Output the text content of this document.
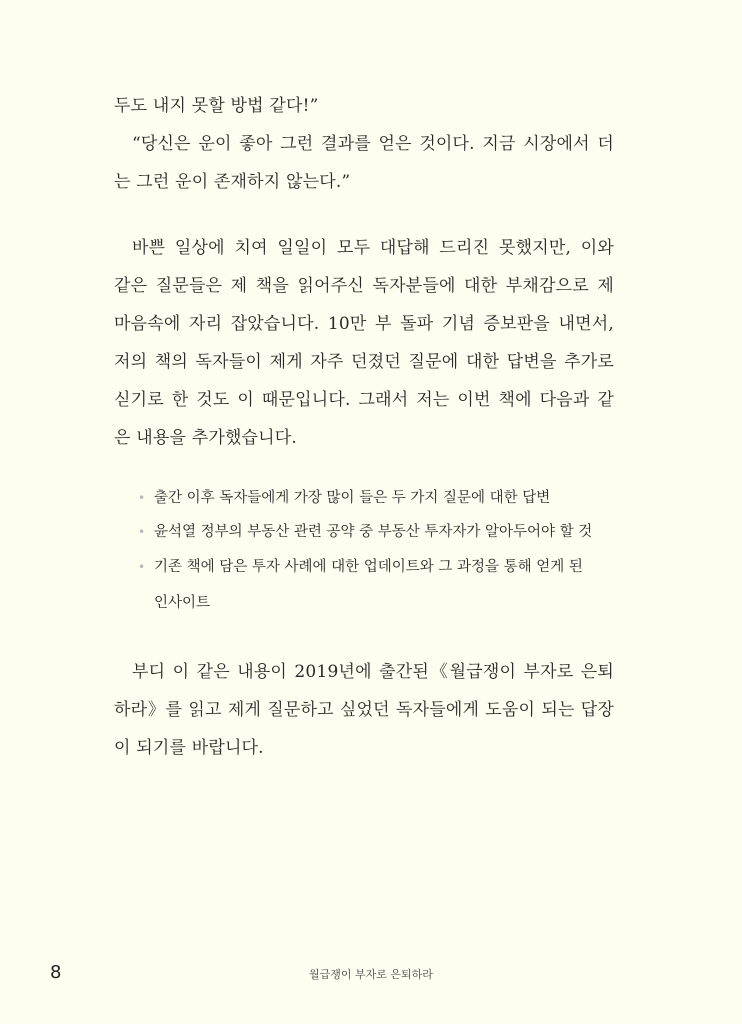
두도 내지 못할 방법 같다!”
“당신은 운이 좋아 그런 결과를 얻은 것이다. 지금 시장에서 더
는 그런 운이 존재하지 않는다.”
바쁜 일상에 치여 일일이 모두 대답해 드리진 못했지만, 이와
같은 질문들은 제 책을 읽어주신 독자분들에 대한 부채감으로 제
마음속에 자리 잡았습니다. 10만 부 돌파 기념 증보판을 내면서,
저의 책의 독자들이 제게 자주 던졌던 질문에 대한 답변을 추가로
싣기로 한 것도 이 때문입니다. 그래서 저는 이번 책에 다음과 같
은 내용을 추가했습니다.
• 출간 이후 독자들에게 가장 많이 들은 두 가지 질문에 대한 답변
• 윤석열 정부의 부동산 관련 공약 중 부동산 투자자가 알아두어야 할 것
• 기존 책에 담은 투자 사례에 대한 업데이트와 그 과정을 통해 얻게 된
인사이트
부디 이 같은 내용이 2019년에 출간된《월급쟁이 부자로 은퇴
하라》를 읽고 제게 질문하고 싶었던 독자들에게 도움이 되는 답장
이 되기를 바랍니다.
8	월급쟁이 부자로 은퇴하라
